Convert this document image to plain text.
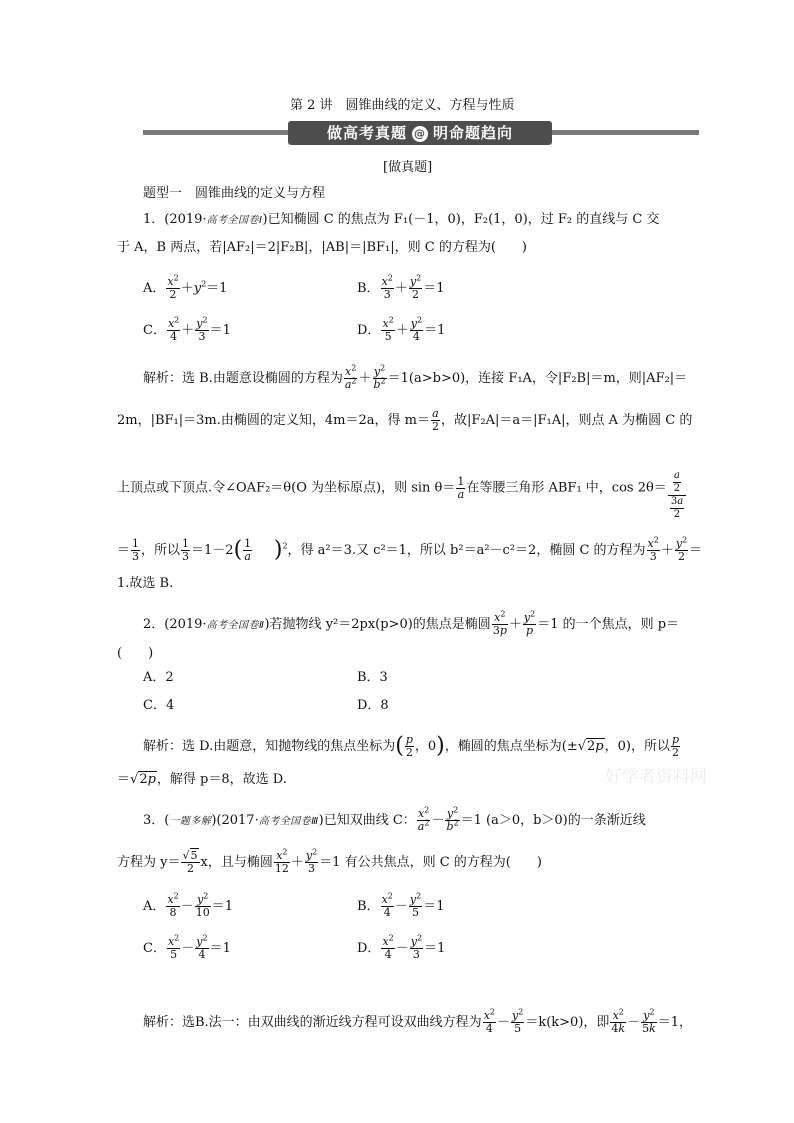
第 2 讲　圆锥曲线的定义、方程与性质
做高考真题 @ 明命题趋向
[做真题]
题型一　圆锥曲线的定义与方程
1．(2019·高考全国卷Ⅰ)已知椭圆 C 的焦点为 F₁(－1，0)，F₂(1，0)，过 F₂ 的直线与 C 交
于 A，B 两点，若|AF₂|＝2|F₂B|，|AB|＝|BF₁|，则 C 的方程为(　　)
A． $\frac{x^2}{2} +y^2=1$	B． $\frac{x^2}{3} + \frac{y^2}{2} =1$
C． $\frac{x^2}{4} + \frac{y^2}{3} =1$	D． $\frac{x^2}{5} + \frac{y^2}{4} =1$
解析：选 B.由题意设椭圆的方程为 $\frac{x^2}{a^2} + \frac{y^2}{b^2} =1(a>b>0)$，连接 F₁A，令|F₂B|＝m，则|AF₂|＝
2m，|BF₁|＝3m.由椭圆的定义知，4m＝2a，得 $m= \frac{a}{2}$ ，故|F₂A|＝a＝|F₁A|，则点 A 为椭圆 C 的
上顶点或下顶点.令∠OAF₂＝θ(O 为坐标原点)，则 $\sin \theta= \frac{1}{a}$ 在等腰三角形 ABF₁ 中，$\cos 2\theta= \frac{\frac{a}{2}}{\frac{3a}{2}}$
＝ $\frac{1}{3}$ ，所以 $\frac{1}{3} =1-2( \frac{1}{a} )^2$，得 a²＝3.又 c²＝1，所以 b²＝a²－c²＝2，椭圆 C 的方程为 $\frac{x^2}{3} + \frac{y^2}{2}$ ＝
1.故选 B.
2．(2019·高考全国卷Ⅱ)若抛物线 y²＝2px(p>0)的焦点是椭圆 $\frac{x^2}{3p} + \frac{y^2}{p} =1$ 的一个焦点，则 p＝
(　　)
A．2	B．3
C．4	D．8
解析：选 D.由题意，知抛物线的焦点坐标为( $\frac{p}{2}$ ，0)，椭圆的焦点坐标为(±√2p，0)，所以 $\frac{p}{2}$
＝√2p，解得 p＝8，故选 D.	好学者资料网
3．(一题多解)(2017·高考全国卷Ⅲ)已知双曲线 C： $\frac{x^2}{a^2} - \frac{y^2}{b^2} =1$ (a＞0，b＞0)的一条渐近线
方程为 $y= \frac{√5}{2}$ x，且与椭圆 $\frac{x^2}{12} + \frac{y^2}{3} =1$ 有公共焦点，则 C 的方程为(　　)
A． $\frac{x^2}{8} - \frac{y^2}{10} =1$	B． $\frac{x^2}{4} - \frac{y^2}{5} =1$
C． $\frac{x^2}{5} - \frac{y^2}{4} =1$	D． $\frac{x^2}{4} - \frac{y^2}{3} =1$
解析：选B.法一：由双曲线的渐近线方程可设双曲线方程为 $\frac{x^2}{4} - \frac{y^2}{5} =k(k>0)$，即 $\frac{x^2}{4k} - \frac{y^2}{5k} =1$，
